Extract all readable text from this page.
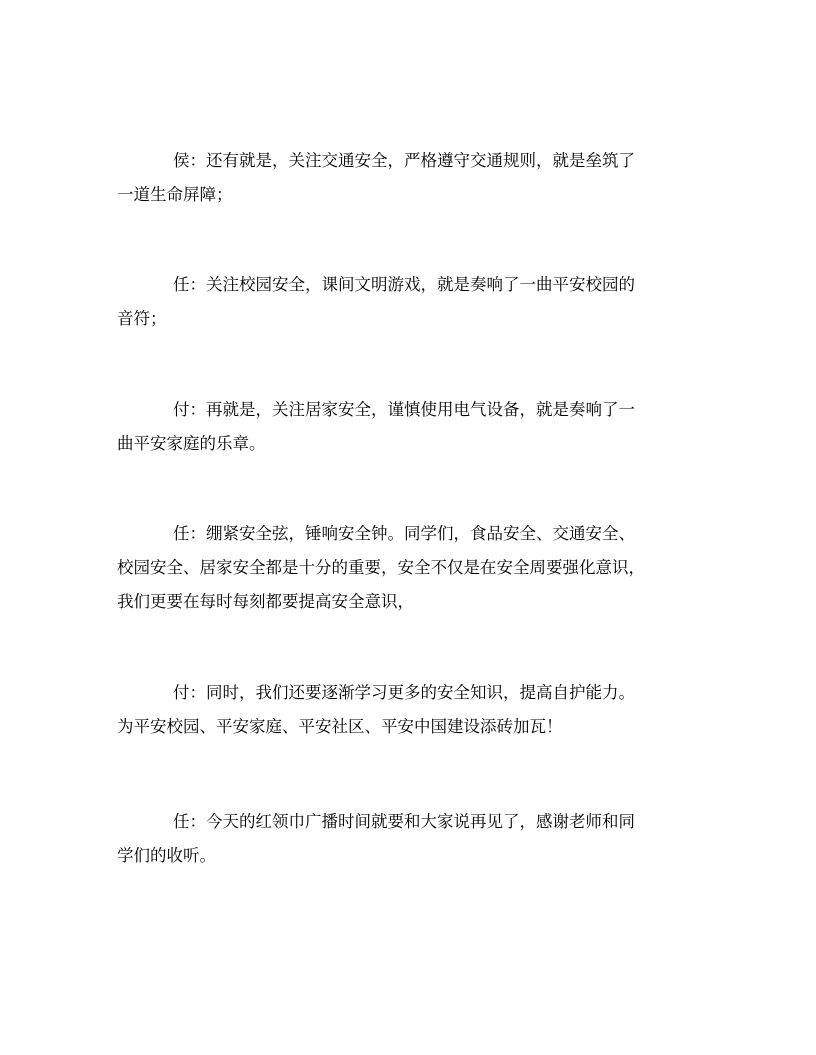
侯：还有就是，关注交通安全，严格遵守交通规则，就是垒筑了
一道生命屏障；
任：关注校园安全，课间文明游戏，就是奏响了一曲平安校园的
音符；
付：再就是，关注居家安全，谨慎使用电气设备，就是奏响了一
曲平安家庭的乐章。
任：绷紧安全弦，锤响安全钟。同学们，食品安全、交通安全、
校园安全、居家安全都是十分的重要，安全不仅是在安全周要强化意识，
我们更要在每时每刻都要提高安全意识，
付：同时，我们还要逐渐学习更多的安全知识，提高自护能力。
为平安校园、平安家庭、平安社区、平安中国建设添砖加瓦！
任：今天的红领巾广播时间就要和大家说再见了，感谢老师和同
学们的收听。
